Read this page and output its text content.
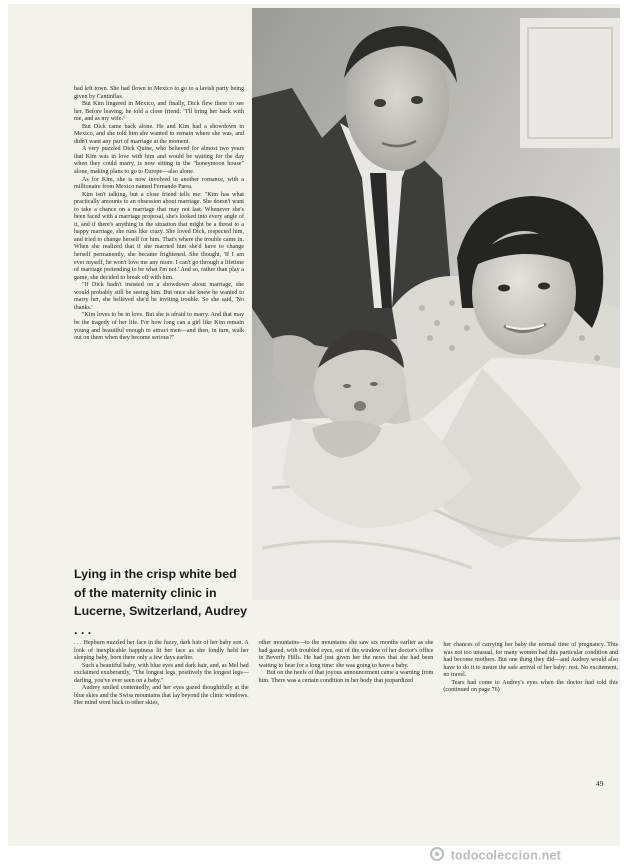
had left town. She had flown to Mexico to go to a lavish party being given by Cantinflas.

But Kim lingered in Mexico, and finally, Dick flew there to see her. Before leaving, he told a close friend: "I'll bring her back with me, and as my wife."

But Dick came back alone. He and Kim had a showdown in Mexico, and she told him she wanted to remain where she was, and didn't want any part of marriage at the moment.

A very puzzled Dick Quine, who believed for almost two years that Kim was in love with him and would be waiting for the day when they could marry, is now sitting in the "honeymoon house" alone, making plans to go to Europe—also alone.

As for Kim, she is now involved in another romance, with a millionaire from Mexico named Fernando Parra.

Kim isn't talking, but a close friend tells me: "Kim has what practically amounts to an obsession about marriage. She doesn't want to take a chance on a marriage that may not last. Whenever she's been faced with a marriage proposal, she's looked into every angle of it, and if there's anything in the situation that might be a threat to a happy marriage, she runs like crazy. She loved Dick, respected him, and tried to change herself for him. That's where the trouble came in. When she realized that if she married him she'd have to change herself permanently, she became frightened. She thought, 'If I am ever myself, he won't love me any more. I can't go through a lifetime of marriage pretending to be what I'm not.' And so, rather than play a game, she decided to break off with him.

"If Dick hadn't insisted on a showdown about marriage, she would probably still be seeing him. But once she knew he wanted to marry her, she believed she'd be inviting trouble. So she said, 'No thanks.'

"Kim loves to be in love. But she is afraid to marry. And that may be the tragedy of her life. For how long can a girl like Kim remain young and beautiful enough to attract men—and then, in turn, walk out on them when they become serious?"

Lying in the crisp white bed of the maternity clinic in Lucerne, Switzerland, Audrey . . .

. . . Hepburn nuzzled her face in the fuzzy, dark hair of her baby son. A look of inexplicable happiness lit her face as she fondly held her sleeping baby, born there only a few days earlier.

Such a beautiful baby, with blue eyes and dark hair, and, as Mel had exclaimed exuberantly, "The longest legs, positively the longest legs—darling, you've ever seen on a baby."

Audrey smiled contentedly, and her eyes gazed thoughtfully at the blue skies and the Swiss mountains that lay beyond the clinic windows. Her mind went back to other skies,

other mountains—to the mountains she saw six months earlier as she had gazed, with troubled eyes, out of the window of her doctor's office in Beverly Hills. He had just given her the news that she had been waiting to hear for a long time: she was going to have a baby.

But on the heels of that joyous announcement came a warning from him. There was a certain condition in her body that jeopardized

her chances of carrying her baby the normal time of pregnancy. This was not too unusual, for many women had this particular condition and had become mothers. But one thing they did—and Audrey would also have to do it to insure the safe arrival of her baby: rest. No excitement, no travel.

Tears had come to Audrey's eyes when the doctor had told this (continued on page 76)

49
todocoleccion.net
